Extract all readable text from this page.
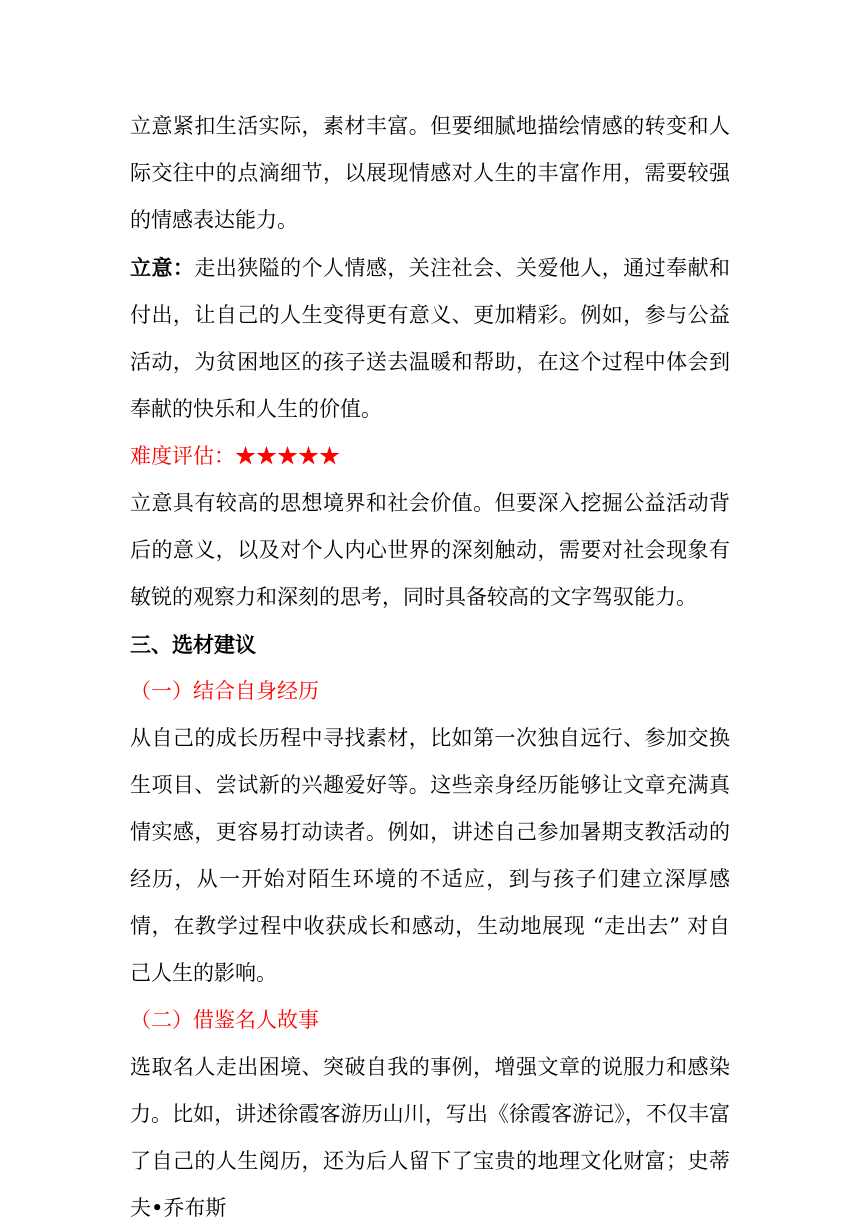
立意紧扣生活实际，素材丰富。但要细腻地描绘情感的转变和人际交往中的点滴细节，以展现情感对人生的丰富作用，需要较强的情感表达能力。

立意：走出狭隘的个人情感，关注社会、关爱他人，通过奉献和付出，让自己的人生变得更有意义、更加精彩。例如，参与公益活动，为贫困地区的孩子送去温暖和帮助，在这个过程中体会到奉献的快乐和人生的价值。

难度评估：★★★★★

立意具有较高的思想境界和社会价值。但要深入挖掘公益活动背后的意义，以及对个人内心世界的深刻触动，需要对社会现象有敏锐的观察力和深刻的思考，同时具备较高的文字驾驭能力。

三、选材建议

（一）结合自身经历

从自己的成长历程中寻找素材，比如第一次独自远行、参加交换生项目、尝试新的兴趣爱好等。这些亲身经历能够让文章充满真情实感，更容易打动读者。例如，讲述自己参加暑期支教活动的经历，从一开始对陌生环境的不适应，到与孩子们建立深厚感情，在教学过程中收获成长和感动，生动地展现 “走出去” 对自己人生的影响。

（二）借鉴名人故事

选取名人走出困境、突破自我的事例，增强文章的说服力和感染力。比如，讲述徐霞客游历山川，写出《徐霞客游记》，不仅丰富了自己的人生阅历，还为后人留下了宝贵的地理文化财富；史蒂夫•乔布斯
